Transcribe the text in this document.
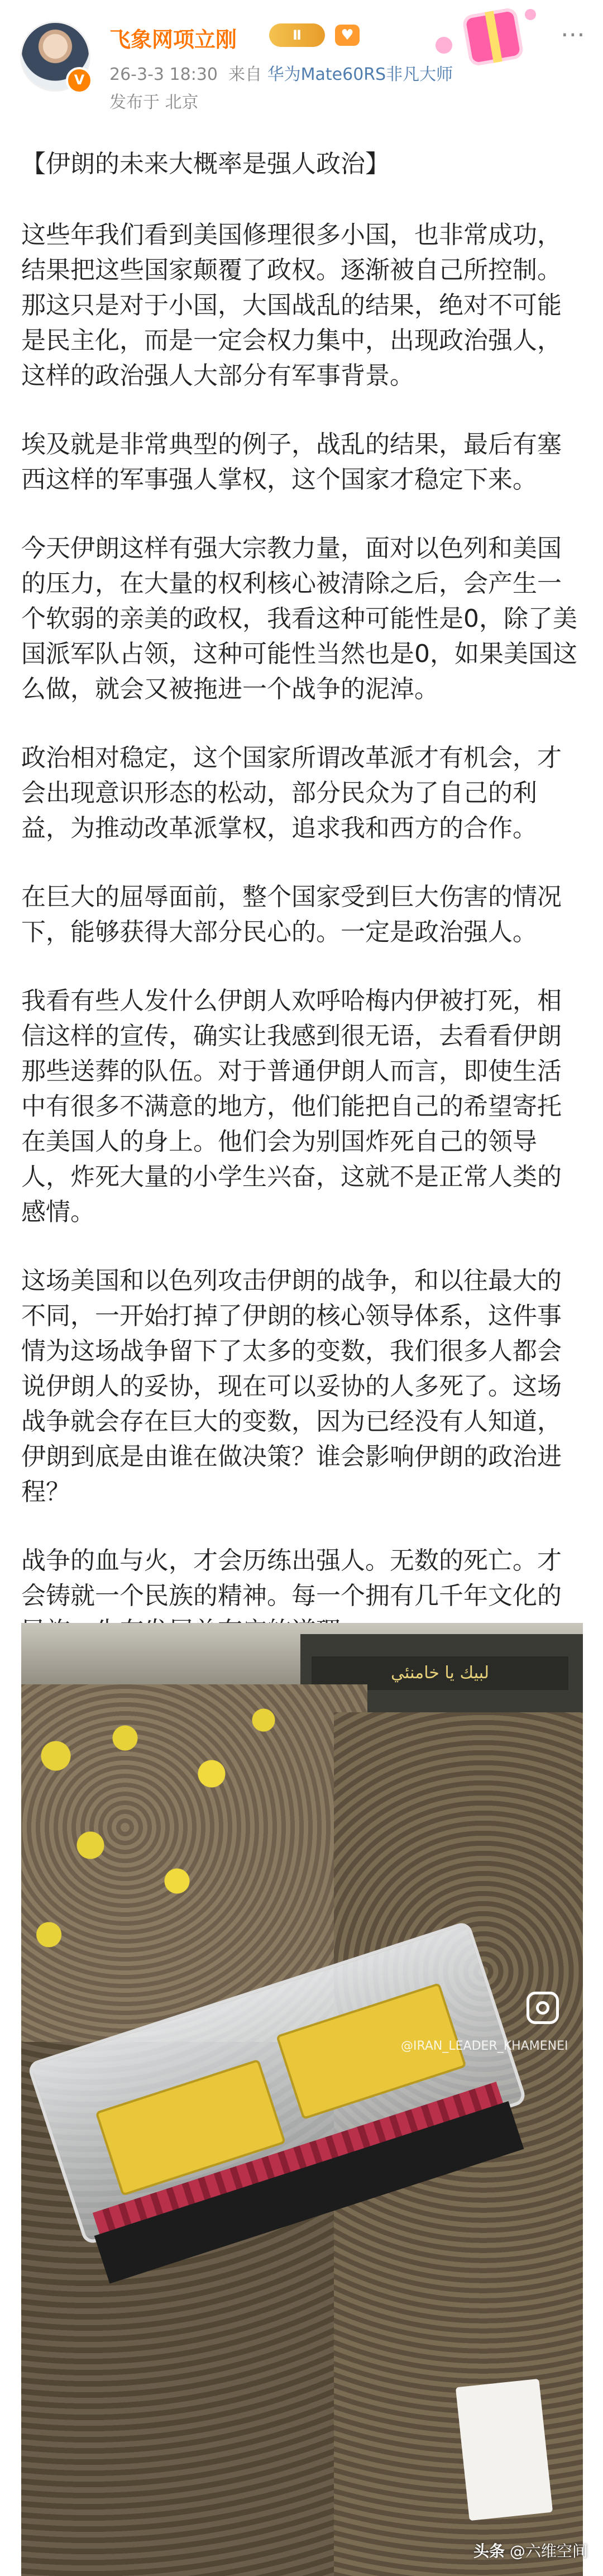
V
飞象网项立刚	Ⅱ	♥
26-3-3 18:30 来自 华为Mate60RS非凡大师
发布于 北京
⋯

【伊朗的未来大概率是强人政治】

这些年我们看到美国修理很多小国，也非常成功，结果把这些国家颠覆了政权。逐渐被自己所控制。那这只是对于小国，大国战乱的结果，绝对不可能是民主化，而是一定会权力集中，出现政治强人，这样的政治强人大部分有军事背景。

埃及就是非常典型的例子，战乱的结果，最后有塞西这样的军事强人掌权，这个国家才稳定下来。

今天伊朗这样有强大宗教力量，面对以色列和美国的压力，在大量的权利核心被清除之后，会产生一个软弱的亲美的政权，我看这种可能性是0，除了美国派军队占领，这种可能性当然也是0，如果美国这么做，就会又被拖进一个战争的泥淖。

政治相对稳定，这个国家所谓改革派才有机会，才会出现意识形态的松动，部分民众为了自己的利益，为推动改革派掌权，追求我和西方的合作。

在巨大的屈辱面前，整个国家受到巨大伤害的情况下，能够获得大部分民心的。一定是政治强人。

我看有些人发什么伊朗人欢呼哈梅内伊被打死，相信这样的宣传，确实让我感到很无语，去看看伊朗那些送葬的队伍。对于普通伊朗人而言，即使生活中有很多不满意的地方，他们能把自己的希望寄托在美国人的身上。他们会为别国炸死自己的领导人，炸死大量的小学生兴奋，这就不是正常人类的感情。

这场美国和以色列攻击伊朗的战争，和以往最大的不同，一开始打掉了伊朗的核心领导体系，这件事情为这场战争留下了太多的变数，我们很多人都会说伊朗人的妥协，现在可以妥协的人多死了。这场战争就会存在巨大的变数，因为已经没有人知道，伊朗到底是由谁在做决策？谁会影响伊朗的政治进程？

战争的血与火，才会历练出强人。无数的死亡。才会铸就一个民族的精神。每一个拥有几千年文化的

لبيك يا خامنئي
@IRAN_LEADER_KHAMENEI
头条 @六维空间
